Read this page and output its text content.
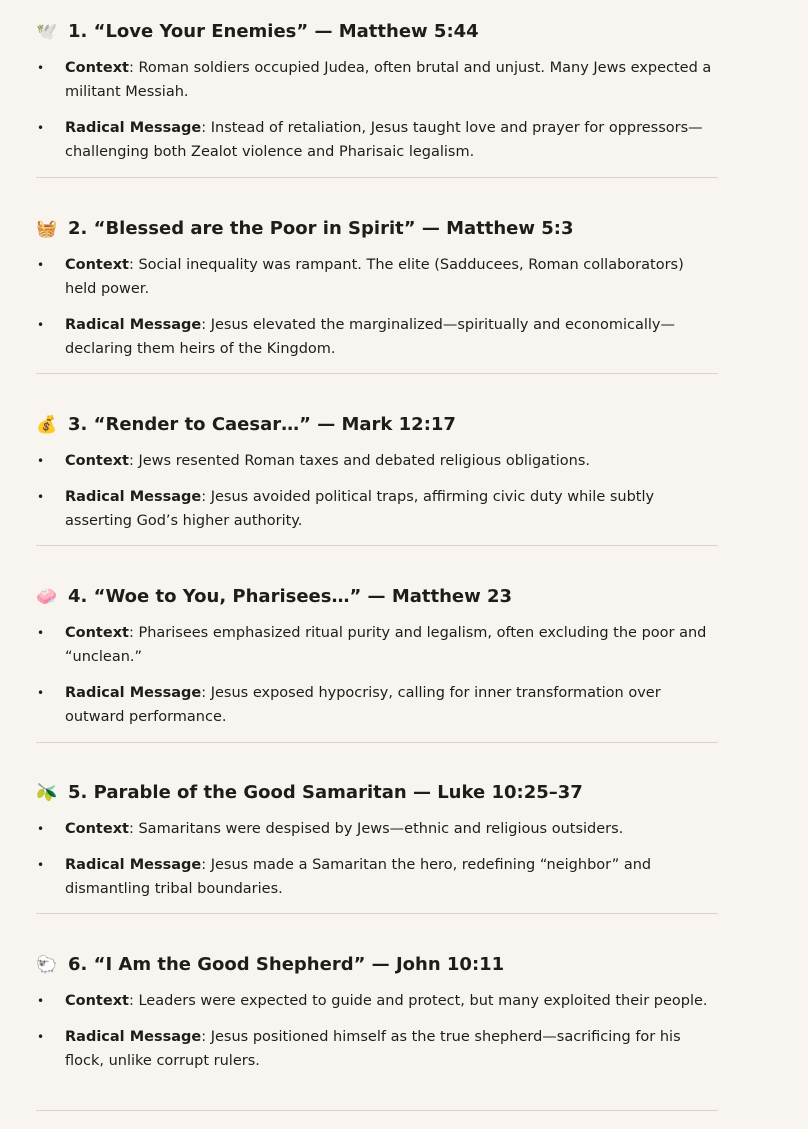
🕊️ 1. “Love Your Enemies” — Matthew 5:44
• Context: Roman soldiers occupied Judea, often brutal and unjust. Many Jews expected a militant Messiah.
• Radical Message: Instead of retaliation, Jesus taught love and prayer for oppressors—challenging both Zealot violence and Pharisaic legalism.
🧺 2. “Blessed are the Poor in Spirit” — Matthew 5:3
• Context: Social inequality was rampant. The elite (Sadducees, Roman collaborators) held power.
• Radical Message: Jesus elevated the marginalized—spiritually and economically—declaring them heirs of the Kingdom.
💰 3. “Render to Caesar…” — Mark 12:17
• Context: Jews resented Roman taxes and debated religious obligations.
• Radical Message: Jesus avoided political traps, affirming civic duty while subtly asserting God’s higher authority.
🧼 4. “Woe to You, Pharisees…” — Matthew 23
• Context: Pharisees emphasized ritual purity and legalism, often excluding the poor and “unclean.”
• Radical Message: Jesus exposed hypocrisy, calling for inner transformation over outward performance.
🫒 5. Parable of the Good Samaritan — Luke 10:25–37
• Context: Samaritans were despised by Jews—ethnic and religious outsiders.
• Radical Message: Jesus made a Samaritan the hero, redefining “neighbor” and dismantling tribal boundaries.
🐑 6. “I Am the Good Shepherd” — John 10:11
• Context: Leaders were expected to guide and protect, but many exploited their people.
• Radical Message: Jesus positioned himself as the true shepherd—sacrificing for his flock, unlike corrupt rulers.
